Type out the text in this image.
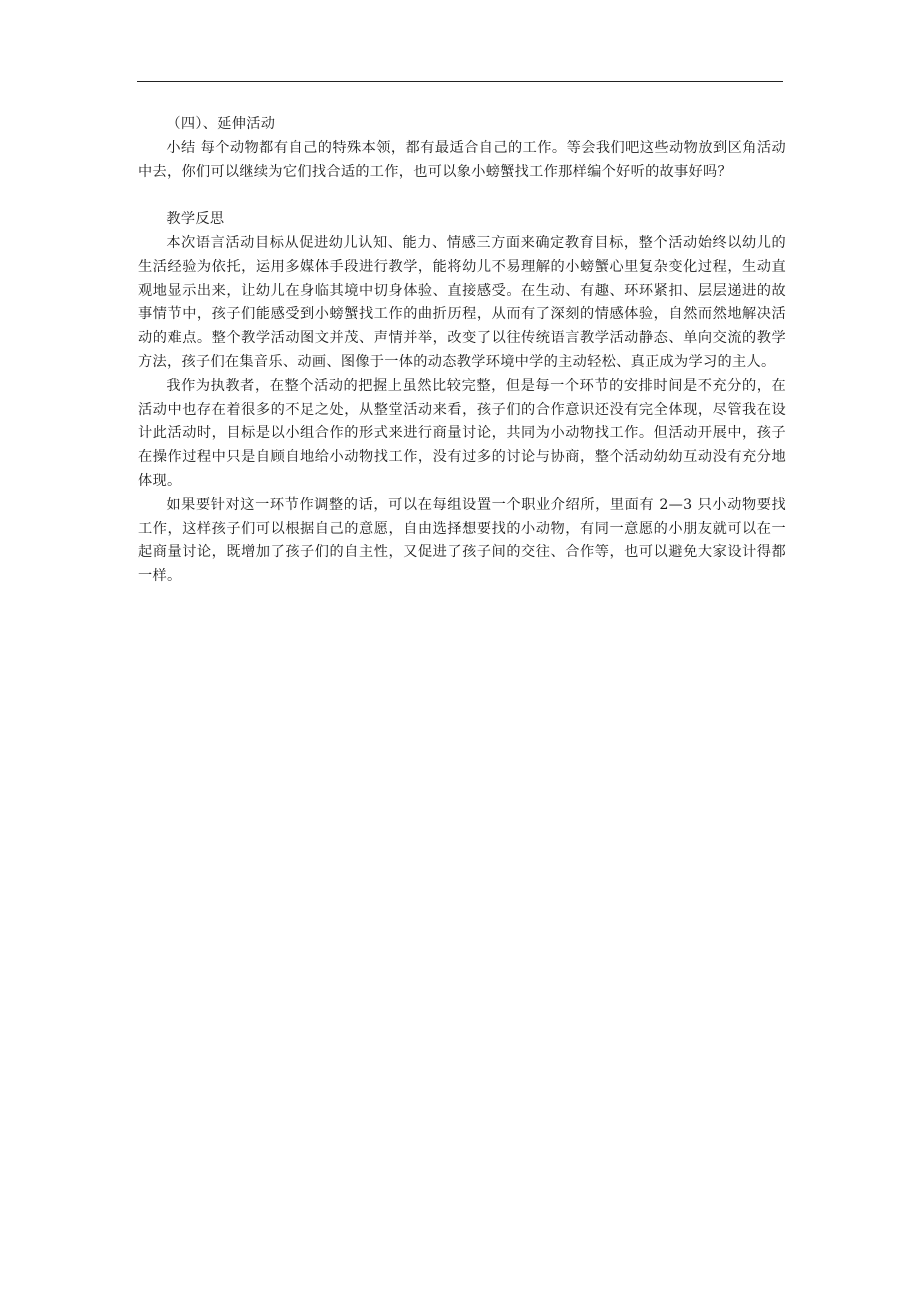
（四）、延伸活动

小结 每个动物都有自己的特殊本领，都有最适合自己的工作。等会我们吧这些动物放到区角活动中去，你们可以继续为它们找合适的工作，也可以象小螃蟹找工作那样编个好听的故事好吗？

教学反思

本次语言活动目标从促进幼儿认知、能力、情感三方面来确定教育目标，整个活动始终以幼儿的生活经验为依托，运用多媒体手段进行教学，能将幼儿不易理解的小螃蟹心里复杂变化过程，生动直观地显示出来，让幼儿在身临其境中切身体验、直接感受。在生动、有趣、环环紧扣、层层递进的故事情节中，孩子们能感受到小螃蟹找工作的曲折历程，从而有了深刻的情感体验，自然而然地解决活动的难点。整个教学活动图文并茂、声情并举，改变了以往传统语言教学活动静态、单向交流的教学方法，孩子们在集音乐、动画、图像于一体的动态教学环境中学的主动轻松、真正成为学习的主人。

我作为执教者，在整个活动的把握上虽然比较完整，但是每一个环节的安排时间是不充分的，在活动中也存在着很多的不足之处，从整堂活动来看，孩子们的合作意识还没有完全体现，尽管我在设计此活动时，目标是以小组合作的形式来进行商量讨论，共同为小动物找工作。但活动开展中，孩子在操作过程中只是自顾自地给小动物找工作，没有过多的讨论与协商，整个活动幼幼互动没有充分地体现。

如果要针对这一环节作调整的话，可以在每组设置一个职业介绍所，里面有 2—3 只小动物要找工作，这样孩子们可以根据自己的意愿，自由选择想要找的小动物，有同一意愿的小朋友就可以在一起商量讨论，既增加了孩子们的自主性，又促进了孩子间的交往、合作等，也可以避免大家设计得都一样。
